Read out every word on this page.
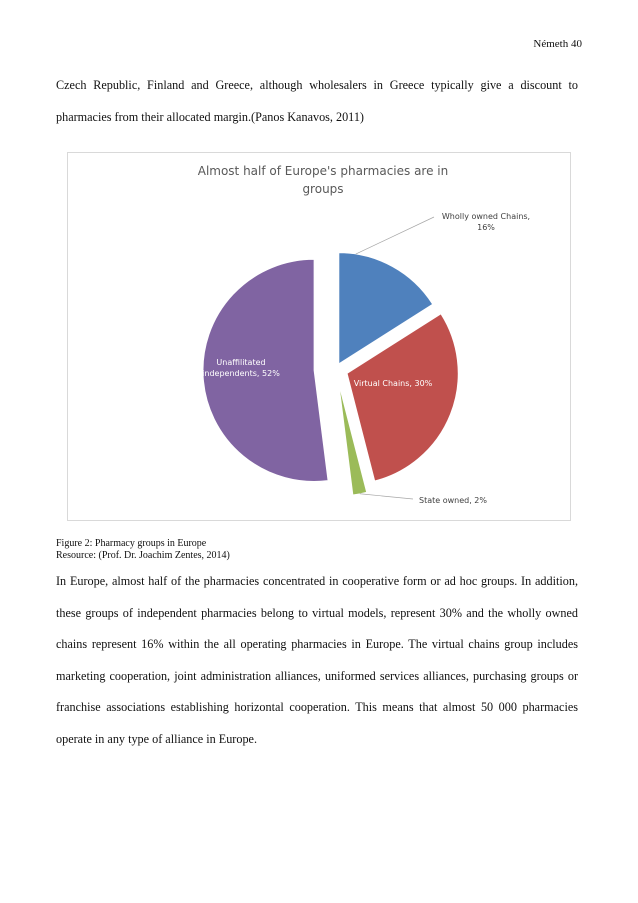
Németh 40

Czech Republic, Finland and Greece, although wholesalers in Greece typically give a discount to pharmacies from their allocated margin.(Panos Kanavos, 2011)

Almost half of Europe's pharmacies are in
groups
Wholly owned Chains, 16%
Virtual Chains, 30%
State owned, 2%
Unaffilitated independents, 52%
Figure 2: Pharmacy groups in Europe
Resource: (Prof. Dr. Joachim Zentes, 2014)

In Europe, almost half of the pharmacies concentrated in cooperative form or ad hoc groups. In addition, these groups of independent pharmacies belong to virtual models, represent 30% and the wholly owned chains represent 16% within the all operating pharmacies in Europe. The virtual chains group includes marketing cooperation, joint administration alliances, uniformed services alliances, purchasing groups or franchise associations establishing horizontal cooperation. This means that almost 50 000 pharmacies operate in any type of alliance in Europe.
